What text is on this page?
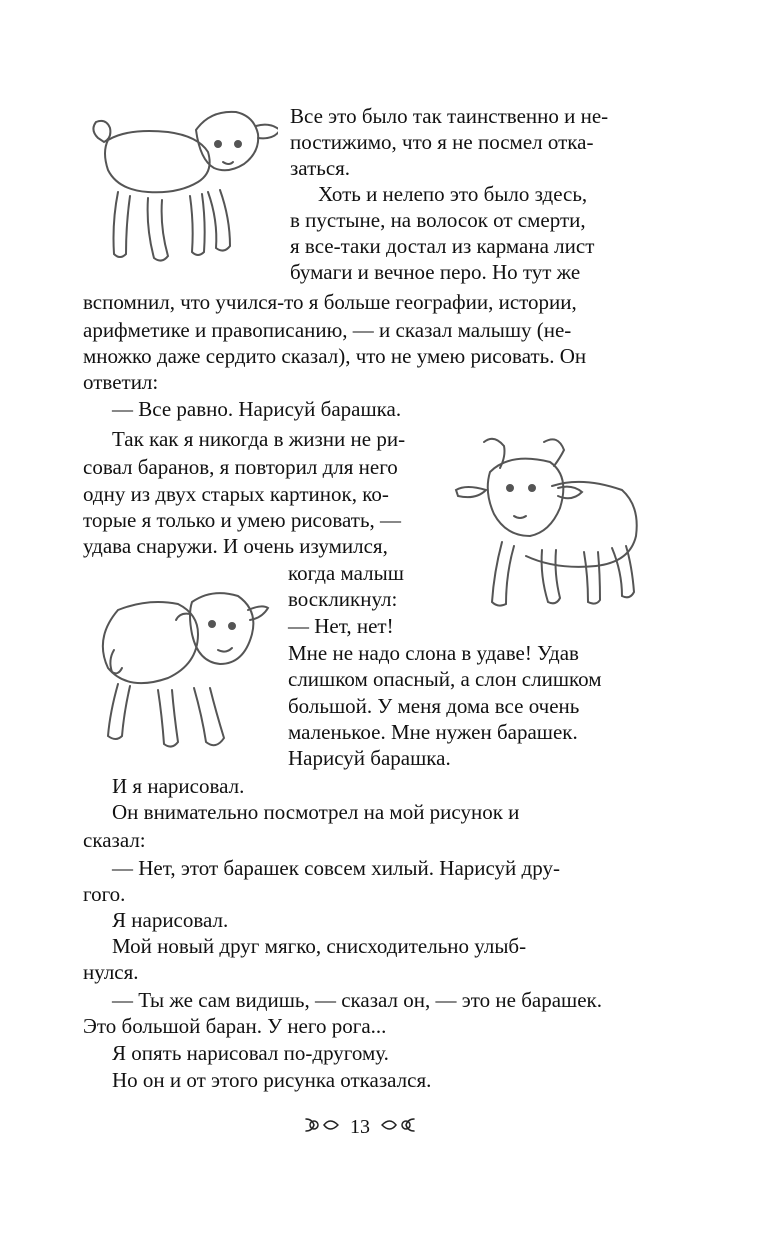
Все это было так таинственно и не-
постижимо, что я не посмел отка-
заться.
Хоть и нелепо это было здесь,
в пустыне, на волосок от смерти,
я все-таки достал из кармана лист
бумаги и вечное перо. Но тут же
вспомнил, что учился-то я больше географии, истории,
арифметике и правописанию, — и сказал малышу (не-
множко даже сердито сказал), что не умею рисовать. Он
ответил:
— Все равно. Нарисуй барашка.
Так как я никогда в жизни не ри-
совал баранов, я повторил для него
одну из двух старых картинок, ко-
торые я только и умею рисовать, —
удава снаружи. И очень изумился,
когда малыш
воскликнул:
— Нет, нет!
Мне не надо слона в удаве! Удав
слишком опасный, а слон слишком
большой. У меня дома все очень
маленькое. Мне нужен барашек.
Нарисуй барашка.
И я нарисовал.
Он внимательно посмотрел на мой рисунок и
сказал:
— Нет, этот барашек совсем хилый. Нарисуй дру-
гого.
Я нарисовал.
Мой новый друг мягко, снисходительно улыб-
нулся.
— Ты же сам видишь, — сказал он, — это не барашек.
Это большой баран. У него рога...
Я опять нарисовал по-другому.
Но он и от этого рисунка отказался.
13
